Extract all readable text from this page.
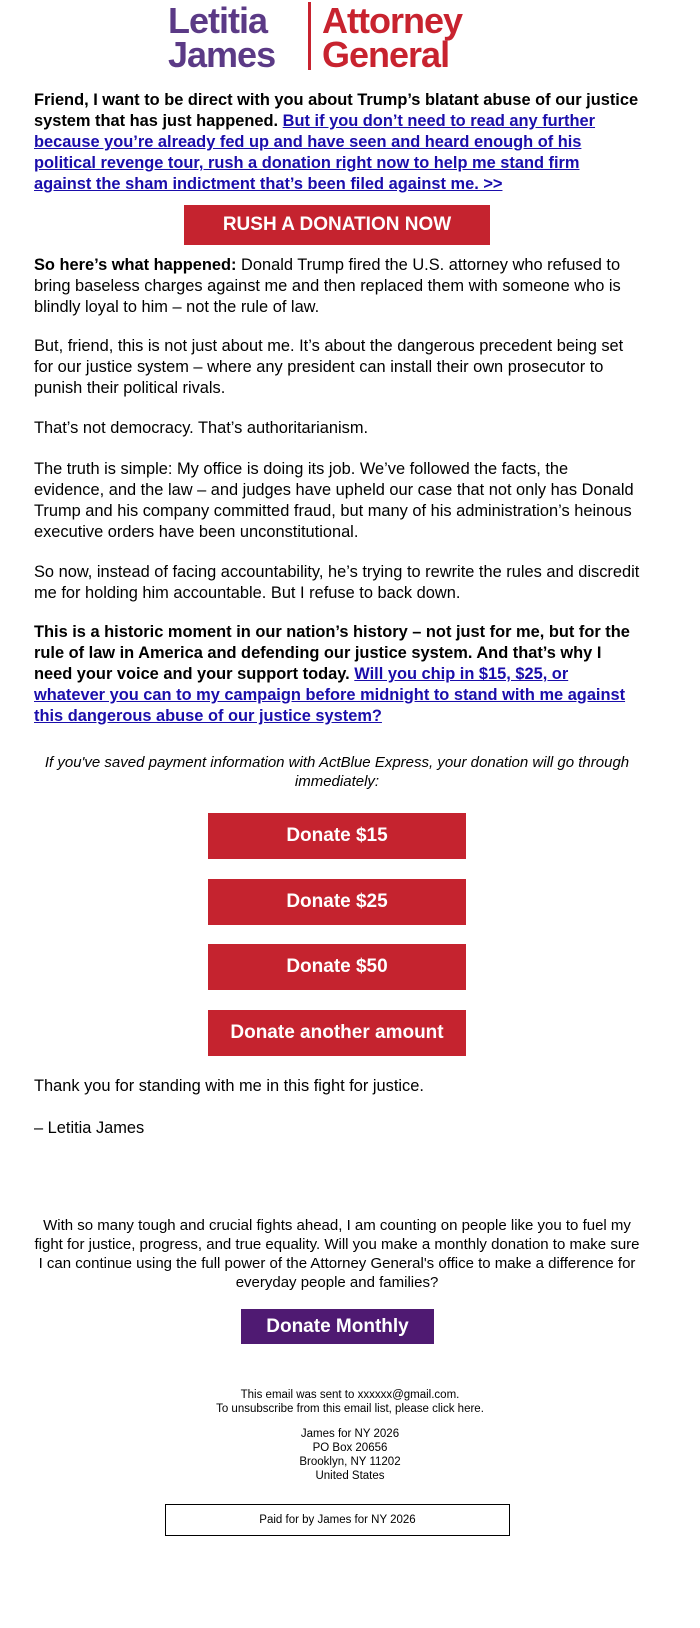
Letitia
James
Attorney
General

Friend, I want to be direct with you about Trump’s blatant abuse of our justice system that has just happened. But if you don’t need to read any further because you’re already fed up and have seen and heard enough of his political revenge tour, rush a donation right now to help me stand firm against the sham indictment that’s been filed against me. >>

RUSH A DONATION NOW

So here’s what happened: Donald Trump fired the U.S. attorney who refused to bring baseless charges against me and then replaced them with someone who is blindly loyal to him – not the rule of law.

But, friend, this is not just about me. It’s about the dangerous precedent being set for our justice system – where any president can install their own prosecutor to punish their political rivals.

That’s not democracy. That’s authoritarianism.

The truth is simple: My office is doing its job. We’ve followed the facts, the evidence, and the law – and judges have upheld our case that not only has Donald Trump and his company committed fraud, but many of his administration’s heinous executive orders have been unconstitutional.

So now, instead of facing accountability, he’s trying to rewrite the rules and discredit me for holding him accountable. But I refuse to back down.

This is a historic moment in our nation’s history – not just for me, but for the rule of law in America and defending our justice system. And that’s why I need your voice and your support today. Will you chip in $15, $25, or whatever you can to my campaign before midnight to stand with me against this dangerous abuse of our justice system?

If you've saved payment information with ActBlue Express, your donation will go through immediately:
Donate $15
Donate $25
Donate $50
Donate another amount
Thank you for standing with me in this fight for justice.
– Letitia James
With so many tough and crucial fights ahead, I am counting on people like you to fuel my fight for justice, progress, and true equality. Will you make a monthly donation to make sure I can continue using the full power of the Attorney General's office to make a difference for everyday people and families?
Donate Monthly
This email was sent to xxxxxx@gmail.com.
To unsubscribe from this email list, please click here.
James for NY 2026
PO Box 20656
Brooklyn, NY 11202
United States
Paid for by James for NY 2026
